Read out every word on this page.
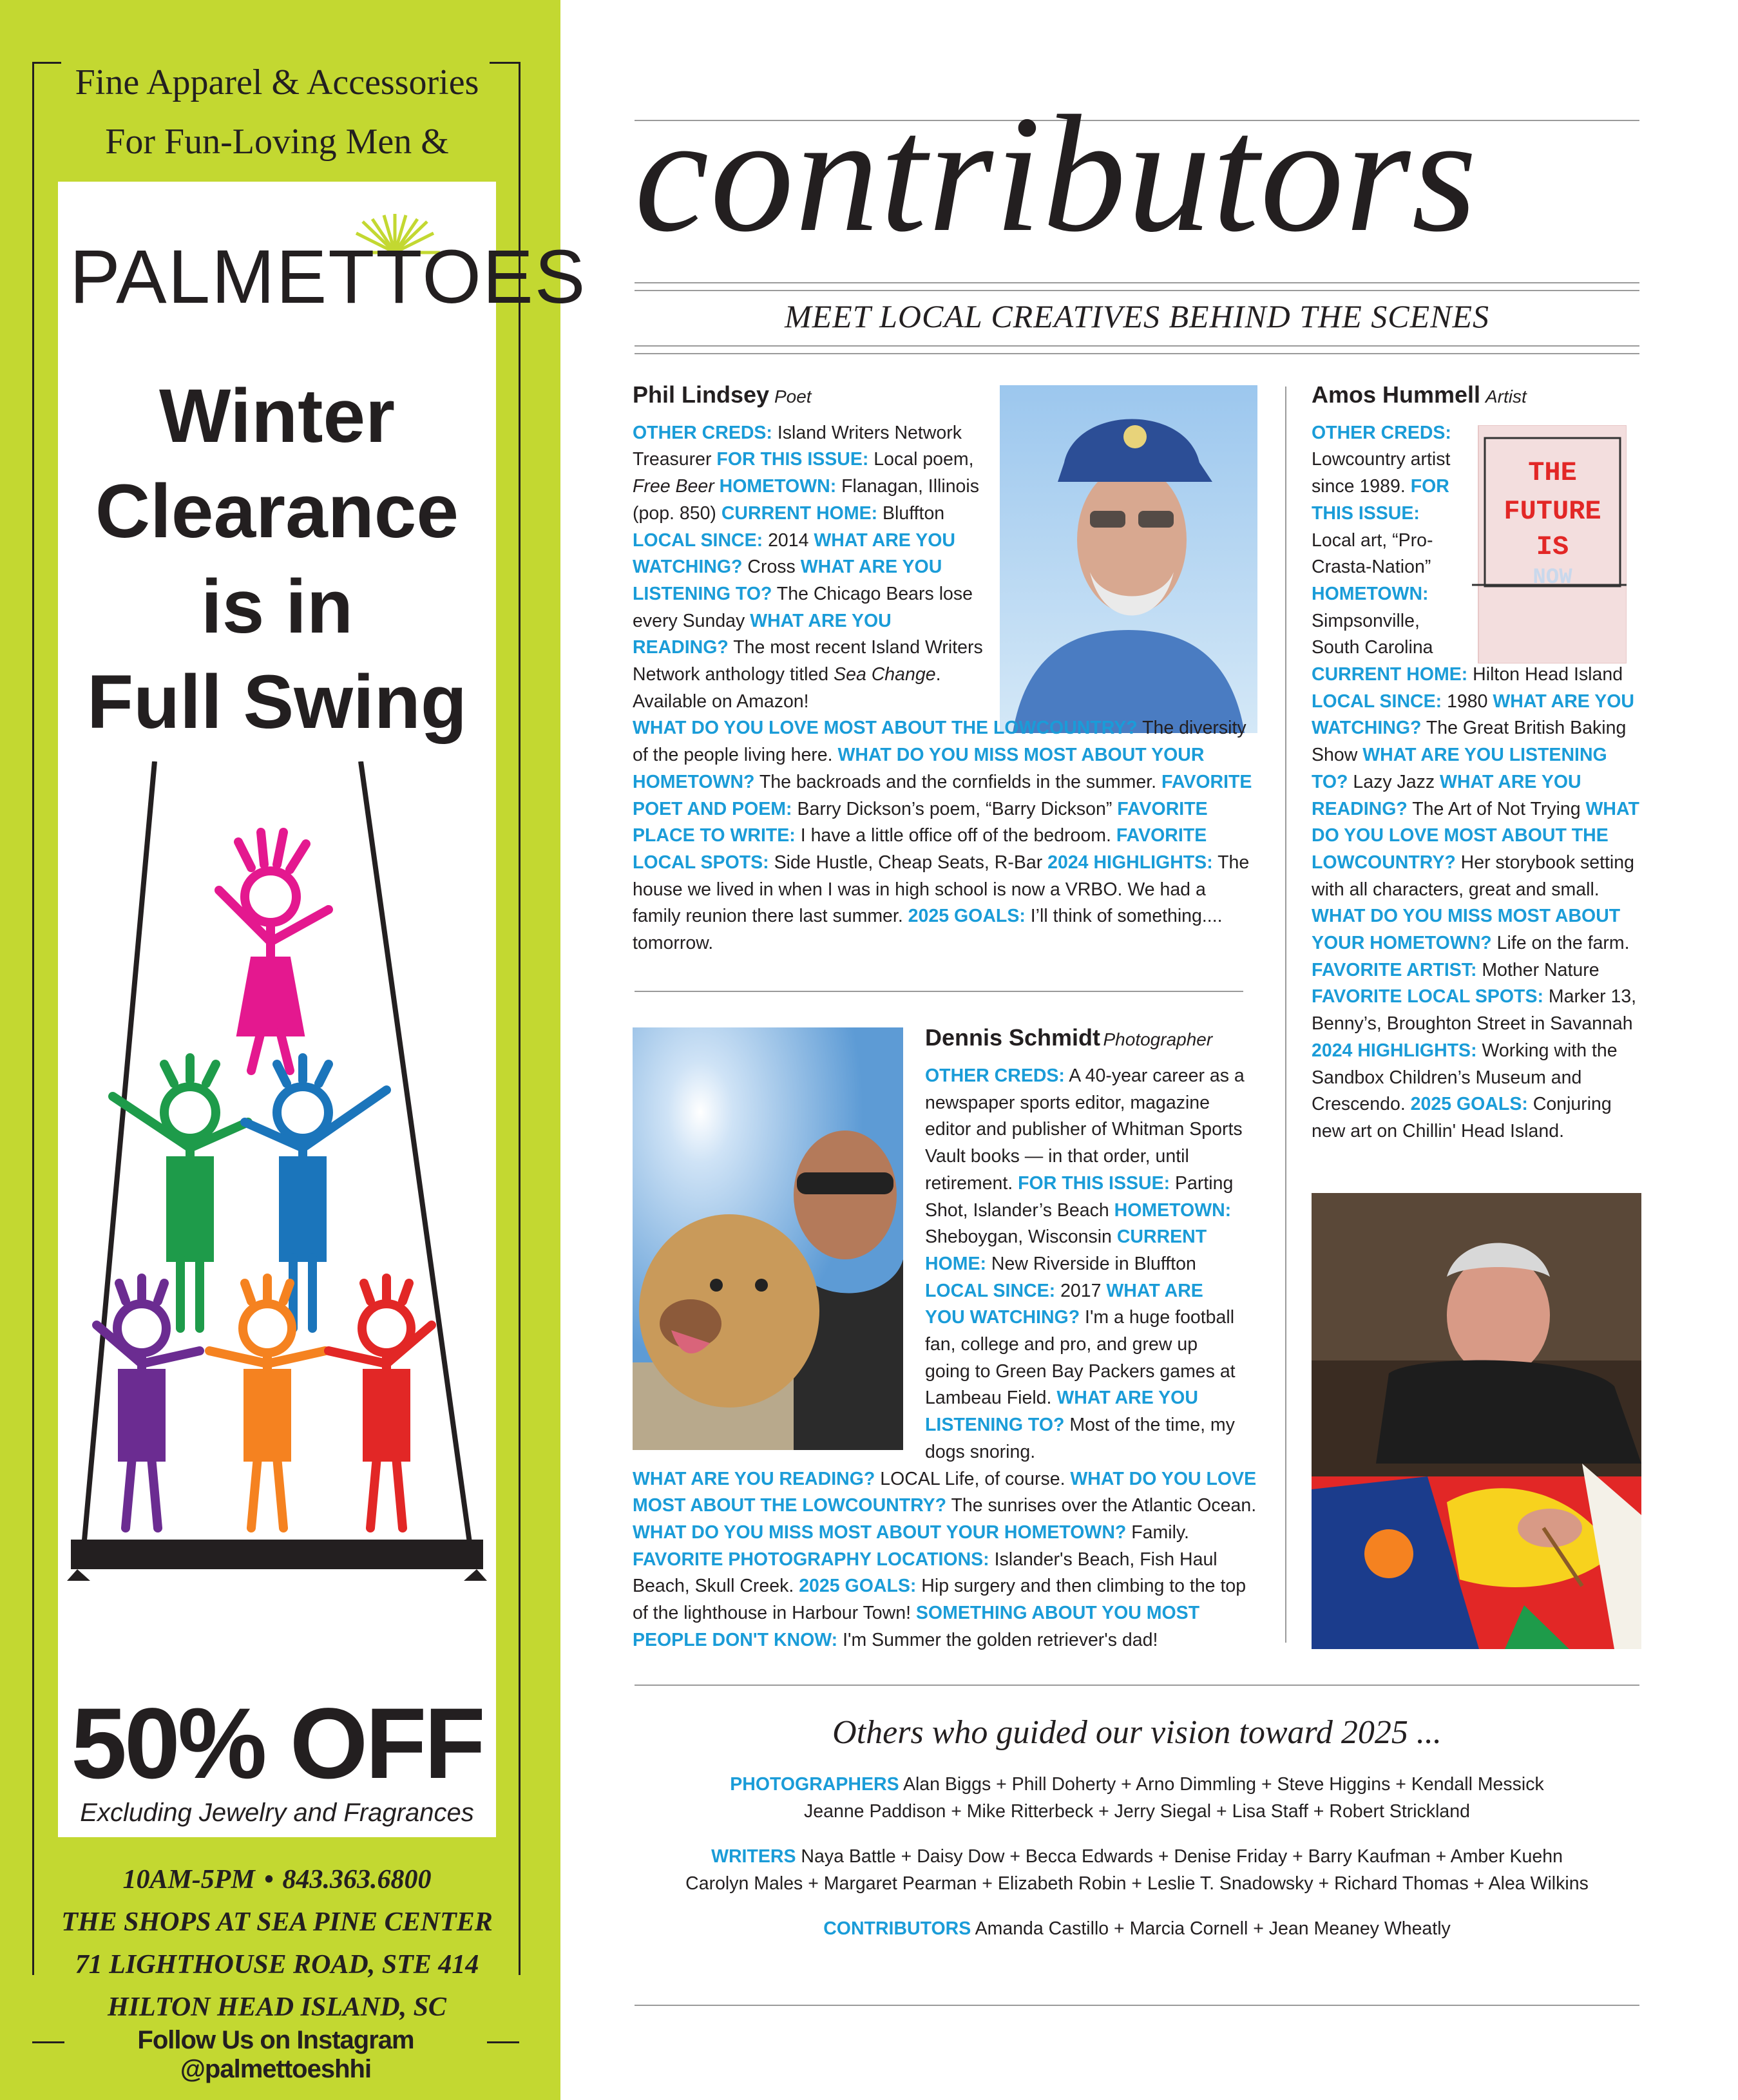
Fine Apparel & Accessories
For Fun-Loving Men &
PALMETTOES
Winter
Clearance
is in
Full Swing
50% OFF
Excluding Jewelry and Fragrances
10AM-5PM • 843.363.6800
THE SHOPS AT SEA PINE CENTER
71 LIGHTHOUSE ROAD, STE 414
HILTON HEAD ISLAND, SC
Follow Us on Instagram @palmettoeshhi
contributors
MEET LOCAL CREATIVES BEHIND THE SCENES
Phil Lindsey Poet
OTHER CREDS: Island Writers Network Treasurer FOR THIS ISSUE: Local poem, Free Beer HOMETOWN: Flanagan, Illinois (pop. 850) CURRENT HOME: Bluffton LOCAL SINCE: 2014 WHAT ARE YOU WATCHING? Cross WHAT ARE YOU LISTENING TO? The Chicago Bears lose every Sunday WHAT ARE YOU READING? The most recent Island Writers Network anthology titled Sea Change. Available on Amazon!
WHAT DO YOU LOVE MOST ABOUT THE LOWCOUNTRY? The diversity of the people living here. WHAT DO YOU MISS MOST ABOUT YOUR HOMETOWN? The backroads and the cornfields in the summer. FAVORITE POET AND POEM: Barry Dickson’s poem, “Barry Dickson” FAVORITE PLACE TO WRITE: I have a little office off of the bedroom. FAVORITE LOCAL SPOTS: Side Hustle, Cheap Seats, R-Bar 2024 HIGHLIGHTS: The house we lived in when I was in high school is now a VRBO. We had a family reunion there last summer. 2025 GOALS: I’ll think of something.... tomorrow.
Dennis Schmidt Photographer
OTHER CREDS: A 40-year career as a newspaper sports editor, magazine editor and publisher of Whitman Sports Vault books — in that order, until retirement. FOR THIS ISSUE: Parting Shot, Islander’s Beach HOMETOWN: Sheboygan, Wisconsin CURRENT HOME: New Riverside in Bluffton LOCAL SINCE: 2017 WHAT ARE YOU WATCHING? I'm a huge football fan, college and pro, and grew up going to Green Bay Packers games at Lambeau Field. WHAT ARE YOU LISTENING TO? Most of the time, my dogs snoring.
WHAT ARE YOU READING? LOCAL Life, of course. WHAT DO YOU LOVE MOST ABOUT THE LOWCOUNTRY? The sunrises over the Atlantic Ocean. WHAT DO YOU MISS MOST ABOUT YOUR HOMETOWN? Family. FAVORITE PHOTOGRAPHY LOCATIONS: Islander's Beach, Fish Haul Beach, Skull Creek. 2025 GOALS: Hip surgery and then climbing to the top of the lighthouse in Harbour Town! SOMETHING ABOUT YOU MOST PEOPLE DON'T KNOW: I'm Summer the golden retriever's dad!
THE
FUTURE
IS
NOW
Amos Hummell Artist
OTHER CREDS: Lowcountry artist since 1989. FOR THIS ISSUE: Local art, “Pro-Crasta-Nation” HOMETOWN: Simpsonville, South Carolina
CURRENT HOME: Hilton Head Island LOCAL SINCE: 1980 WHAT ARE YOU WATCHING? The Great British Baking Show WHAT ARE YOU LISTENING TO? Lazy Jazz WHAT ARE YOU READING? The Art of Not Trying WHAT DO YOU LOVE MOST ABOUT THE LOWCOUNTRY? Her storybook setting with all characters, great and small. WHAT DO YOU MISS MOST ABOUT YOUR HOMETOWN? Life on the farm. FAVORITE ARTIST: Mother Nature FAVORITE LOCAL SPOTS: Marker 13, Benny’s, Broughton Street in Savannah 2024 HIGHLIGHTS: Working with the Sandbox Children’s Museum and Crescendo. 2025 GOALS: Conjuring new art on Chillin' Head Island.
Others who guided our vision toward 2025 ...
PHOTOGRAPHERS Alan Biggs + Phill Doherty + Arno Dimmling + Steve Higgins + Kendall Messick
Jeanne Paddison + Mike Ritterbeck + Jerry Siegal + Lisa Staff + Robert Strickland
WRITERS Naya Battle + Daisy Dow + Becca Edwards + Denise Friday + Barry Kaufman + Amber Kuehn
Carolyn Males + Margaret Pearman + Elizabeth Robin + Leslie T. Snadowsky + Richard Thomas + Alea Wilkins
CONTRIBUTORS Amanda Castillo + Marcia Cornell + Jean Meaney Wheatly
